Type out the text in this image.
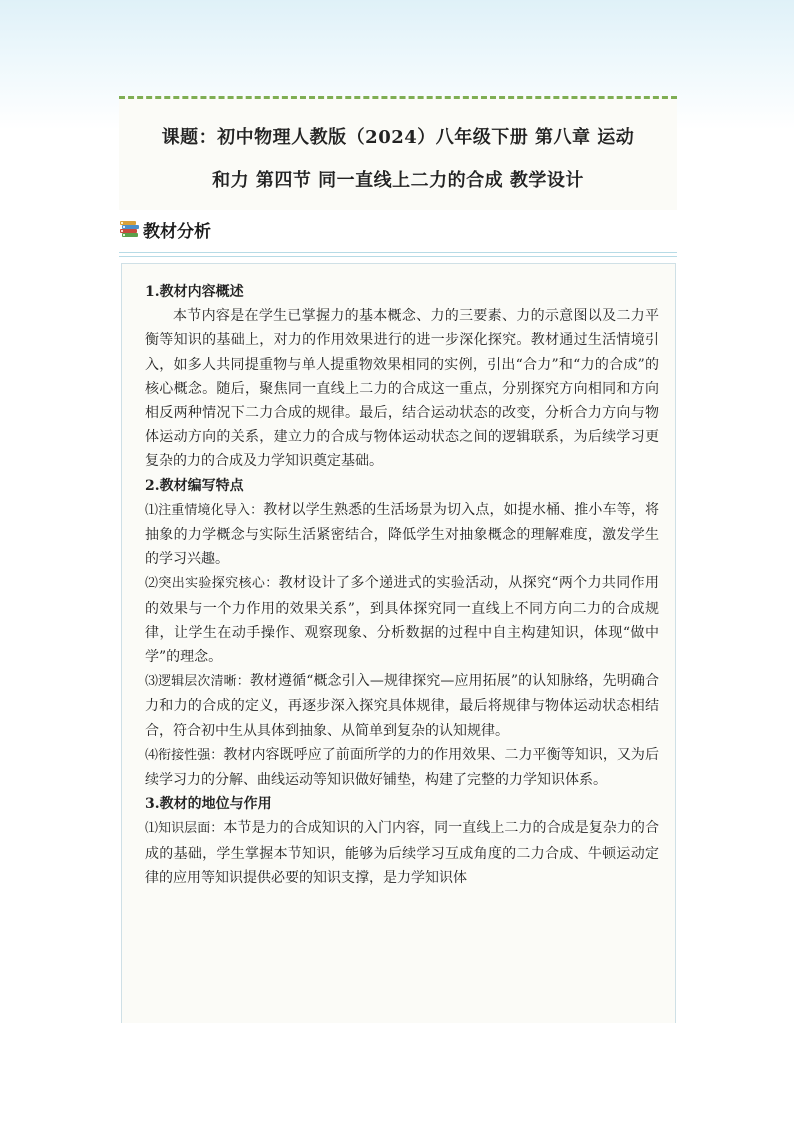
课题：初中物理人教版（2024）八年级下册 第八章 运动
和力 第四节 同一直线上二力的合成 教学设计
教材分析

1.教材内容概述

本节内容是在学生已掌握力的基本概念、力的三要素、力的示意图以及二力平衡等知识的基础上，对力的作用效果进行的进一步深化探究。教材通过生活情境引入，如多人共同提重物与单人提重物效果相同的实例，引出“合力”和“力的合成”的核心概念。随后，聚焦同一直线上二力的合成这一重点，分别探究方向相同和方向相反两种情况下二力合成的规律。最后，结合运动状态的改变，分析合力方向与物体运动方向的关系，建立力的合成与物体运动状态之间的逻辑联系，为后续学习更复杂的力的合成及力学知识奠定基础。

2.教材编写特点

⑴注重情境化导入：教材以学生熟悉的生活场景为切入点，如提水桶、推小车等，将抽象的力学概念与实际生活紧密结合，降低学生对抽象概念的理解难度，激发学生的学习兴趣。

⑵突出实验探究核心：教材设计了多个递进式的实验活动，从探究“两个力共同作用的效果与一个力作用的效果关系”，到具体探究同一直线上不同方向二力的合成规律，让学生在动手操作、观察现象、分析数据的过程中自主构建知识，体现“做中学”的理念。

⑶逻辑层次清晰：教材遵循“概念引入—规律探究—应用拓展”的认知脉络，先明确合力和力的合成的定义，再逐步深入探究具体规律，最后将规律与物体运动状态相结合，符合初中生从具体到抽象、从简单到复杂的认知规律。

⑷衔接性强：教材内容既呼应了前面所学的力的作用效果、二力平衡等知识，又为后续学习力的分解、曲线运动等知识做好铺垫，构建了完整的力学知识体系。

3.教材的地位与作用

⑴知识层面：本节是力的合成知识的入门内容，同一直线上二力的合成是复杂力的合成的基础，学生掌握本节知识，能够为后续学习互成角度的二力合成、牛顿运动定律的应用等知识提供必要的知识支撑，是力学知识体
